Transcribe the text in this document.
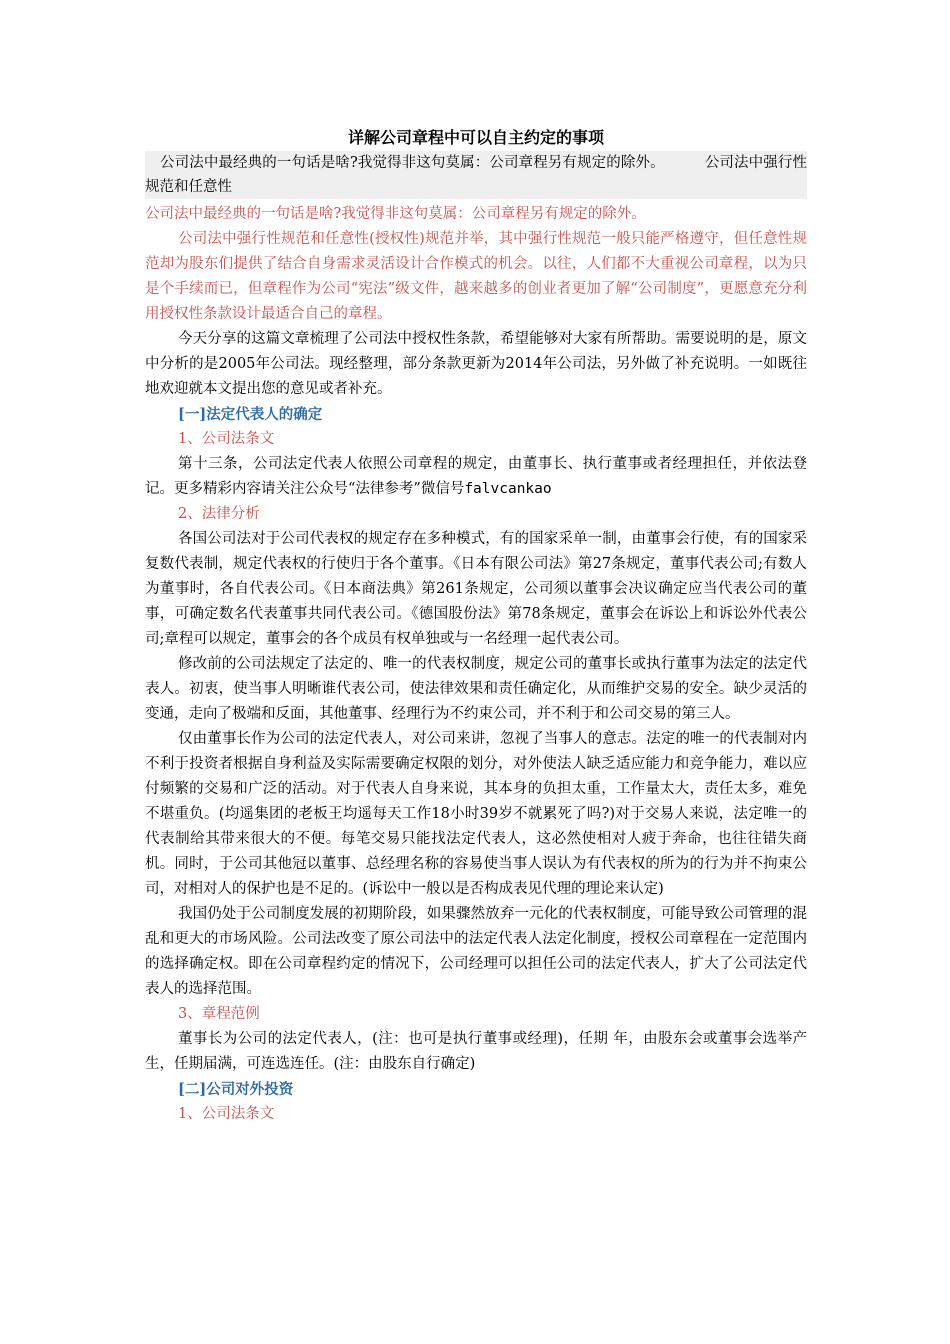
详解公司章程中可以自主约定的事项

公司法中最经典的一句话是啥?我觉得非这句莫属：公司章程另有规定的除外。	公司法中强行性规范和任意性

公司法中最经典的一句话是啥?我觉得非这句莫属：公司章程另有规定的除外。

公司法中强行性规范和任意性(授权性)规范并举，其中强行性规范一般只能严格遵守，但任意性规范却为股东们提供了结合自身需求灵活设计合作模式的机会。以往，人们都不大重视公司章程，以为只是个手续而已，但章程作为公司“宪法”级文件，越来越多的创业者更加了解“公司制度”，更愿意充分利用授权性条款设计最适合自己的章程。

今天分享的这篇文章梳理了公司法中授权性条款，希望能够对大家有所帮助。需要说明的是，原文中分析的是2005年公司法。现经整理，部分条款更新为2014年公司法，另外做了补充说明。一如既往地欢迎就本文提出您的意见或者补充。

[一]法定代表人的确定

1、公司法条文

第十三条，公司法定代表人依照公司章程的规定，由董事长、执行董事或者经理担任，并依法登记。更多精彩内容请关注公众号“法律参考”微信号falvcankao

2、法律分析

各国公司法对于公司代表权的规定存在多种模式，有的国家采单一制，由董事会行使，有的国家采复数代表制，规定代表权的行使归于各个董事。《日本有限公司法》第27条规定，董事代表公司;有数人为董事时，各自代表公司。《日本商法典》第261条规定，公司须以董事会决议确定应当代表公司的董事，可确定数名代表董事共同代表公司。《德国股份法》第78条规定，董事会在诉讼上和诉讼外代表公司;章程可以规定，董事会的各个成员有权单独或与一名经理一起代表公司。

修改前的公司法规定了法定的、唯一的代表权制度，规定公司的董事长或执行董事为法定的法定代表人。初衷，使当事人明晰谁代表公司，使法律效果和责任确定化，从而维护交易的安全。缺少灵活的变通，走向了极端和反面，其他董事、经理行为不约束公司，并不利于和公司交易的第三人。

仅由董事长作为公司的法定代表人，对公司来讲，忽视了当事人的意志。法定的唯一的代表制对内不利于投资者根据自身利益及实际需要确定权限的划分，对外使法人缺乏适应能力和竞争能力，难以应付频繁的交易和广泛的活动。对于代表人自身来说，其本身的负担太重，工作量太大，责任太多，难免不堪重负。(均遥集团的老板王均遥每天工作18小时39岁不就累死了吗?)对于交易人来说，法定唯一的代表制给其带来很大的不便。每笔交易只能找法定代表人，这必然使相对人疲于奔命，也往往错失商机。同时，于公司其他冠以董事、总经理名称的容易使当事人误认为有代表权的所为的行为并不拘束公司，对相对人的保护也是不足的。(诉讼中一般以是否构成表见代理的理论来认定)

我国仍处于公司制度发展的初期阶段，如果骤然放弃一元化的代表权制度，可能导致公司管理的混乱和更大的市场风险。公司法改变了原公司法中的法定代表人法定化制度，授权公司章程在一定范围内的选择确定权。即在公司章程约定的情况下，公司经理可以担任公司的法定代表人，扩大了公司法定代表人的选择范围。

3、章程范例

董事长为公司的法定代表人，(注：也可是执行董事或经理)，任期 年，由股东会或董事会选举产生，任期届满，可连选连任。(注：由股东自行确定)

[二]公司对外投资

1、公司法条文
